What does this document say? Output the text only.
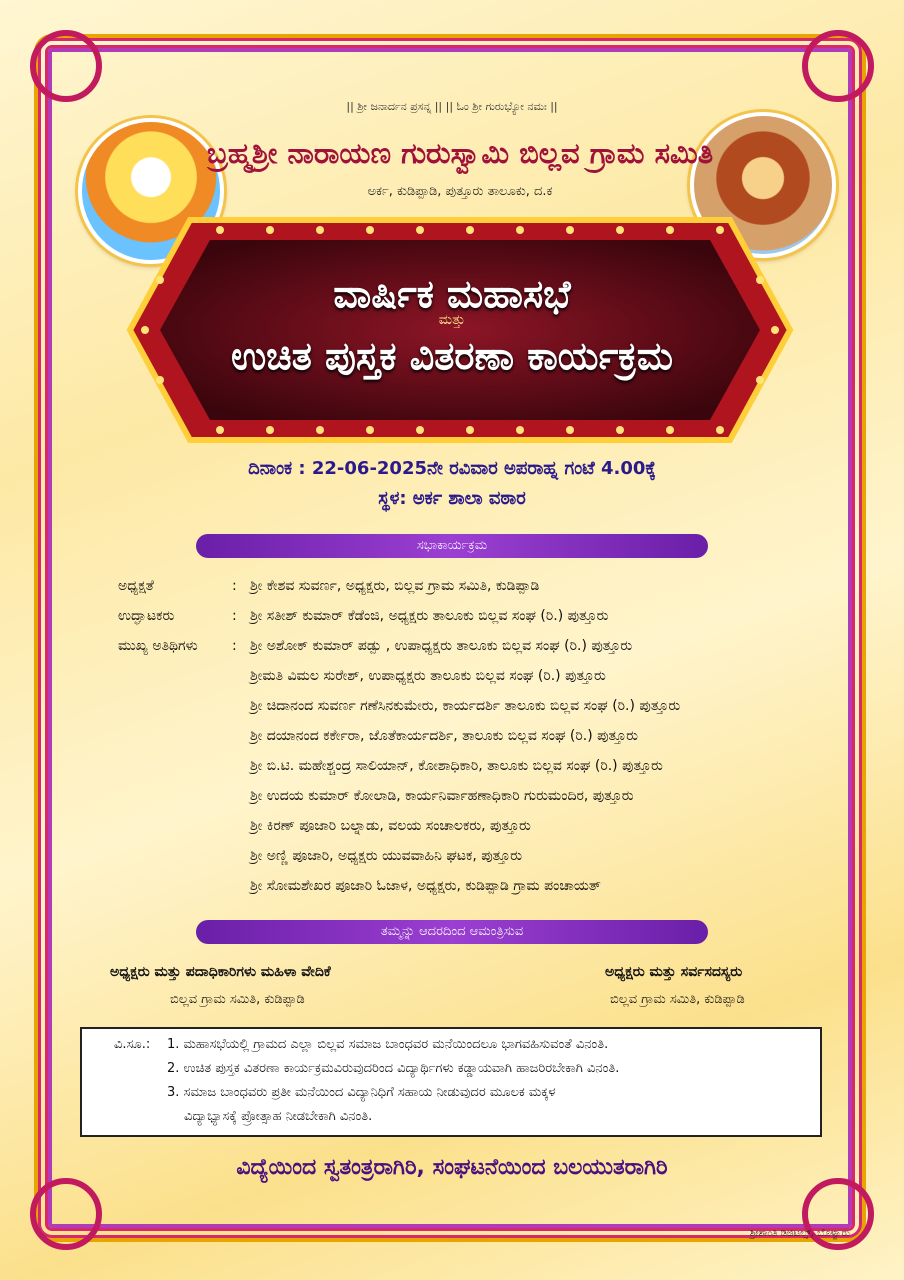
|| ಶ್ರೀ ಜನಾರ್ದನ ಪ್ರಸನ್ನ || || ಓಂ ಶ್ರೀ ಗುರುಭ್ಯೋ ನಮಃ ||
ಬ್ರಹ್ಮಶ್ರೀ ನಾರಾಯಣ ಗುರುಸ್ವಾಮಿ ಬಿಲ್ಲವ ಗ್ರಾಮ ಸಮಿತಿ
ಅರ್ಕ, ಕುಡಿಪ್ಪಾಡಿ, ಪುತ್ತೂರು ತಾಲೂಕು, ದ.ಕ
ವಾರ್ಷಿಕ ಮಹಾಸಭೆ
ಮತ್ತು
ಉಚಿತ ಪುಸ್ತಕ ವಿತರಣಾ ಕಾರ್ಯಕ್ರಮ
ದಿನಾಂಕ : 22-06-2025ನೇ ರವಿವಾರ ಅಪರಾಹ್ನ ಗಂಟೆ 4.00ಕ್ಕೆ
ಸ್ಥಳ: ಅರ್ಕ ಶಾಲಾ ವಠಾರ
ಸಭಾಕಾರ್ಯಕ್ರಮ
ಅಧ್ಯಕ್ಷತೆ	: ಶ್ರೀ ಕೇಶವ ಸುವರ್ಣ, ಅಧ್ಯಕ್ಷರು, ಬಿಲ್ಲವ ಗ್ರಾಮ ಸಮಿತಿ, ಕುಡಿಪ್ಪಾಡಿ
ಉದ್ಘಾಟಕರು	: ಶ್ರೀ ಸತೀಶ್ ಕುಮಾರ್ ಕೆಡೆಂಜಿ, ಅಧ್ಯಕ್ಷರು ತಾಲೂಕು ಬಿಲ್ಲವ ಸಂಘ (ರಿ.) ಪುತ್ತೂರು
ಮುಖ್ಯ ಅತಿಥಿಗಳು : ಶ್ರೀ ಅಶೋಕ್ ಕುಮಾರ್ ಪಡ್ಪು , ಉಪಾಧ್ಯಕ್ಷರು ತಾಲೂಕು ಬಿಲ್ಲವ ಸಂಘ (ರಿ.) ಪುತ್ತೂರು
ಶ್ರೀಮತಿ ವಿಮಲ ಸುರೇಶ್, ಉಪಾಧ್ಯಕ್ಷರು ತಾಲೂಕು ಬಿಲ್ಲವ ಸಂಘ (ರಿ.) ಪುತ್ತೂರು
ಶ್ರೀ ಚಿದಾನಂದ ಸುವರ್ಣ ಗಣೆಸಿನಕುಮೇರು, ಕಾರ್ಯದರ್ಶಿ ತಾಲೂಕು ಬಿಲ್ಲವ ಸಂಘ (ರಿ.) ಪುತ್ತೂರು
ಶ್ರೀ ದಯಾನಂದ ಕರ್ಕೇರಾ, ಜೊತೆಕಾರ್ಯದರ್ಶಿ, ತಾಲೂಕು ಬಿಲ್ಲವ ಸಂಘ (ರಿ.) ಪುತ್ತೂರು
ಶ್ರೀ ಬಿ.ಟಿ. ಮಹೇಶ್ಚಂದ್ರ ಸಾಲಿಯಾನ್, ಕೋಶಾಧಿಕಾರಿ, ತಾಲೂಕು ಬಿಲ್ಲವ ಸಂಘ (ರಿ.) ಪುತ್ತೂರು
ಶ್ರೀ ಉದಯ ಕುಮಾರ್ ಕೋಲಾಡಿ, ಕಾರ್ಯನಿರ್ವಾಹಣಾಧಿಕಾರಿ ಗುರುಮಂದಿರ, ಪುತ್ತೂರು
ಶ್ರೀ ಕಿರಣ್ ಪೂಜಾರಿ ಬಲ್ನಾಡು, ವಲಯ ಸಂಚಾಲಕರು, ಪುತ್ತೂರು
ಶ್ರೀ ಅಣ್ಣಿ ಪೂಜಾರಿ, ಅಧ್ಯಕ್ಷರು ಯುವವಾಹಿನಿ ಘಟಕ, ಪುತ್ತೂರು
ಶ್ರೀ ಸೋಮಶೇಖರ ಪೂಜಾರಿ ಓಜಾಳ, ಅಧ್ಯಕ್ಷರು, ಕುಡಿಪ್ಪಾಡಿ ಗ್ರಾಮ ಪಂಚಾಯತ್
ತಮ್ಮನ್ನು ಆದರದಿಂದ ಆಮಂತ್ರಿಸುವ
ಅಧ್ಯಕ್ಷರು ಮತ್ತು ಪದಾಧಿಕಾರಿಗಳು ಮಹಿಳಾ ವೇದಿಕೆ
ಬಿಲ್ಲವ ಗ್ರಾಮ ಸಮಿತಿ, ಕುಡಿಪ್ಪಾಡಿ
ಅಧ್ಯಕ್ಷರು ಮತ್ತು ಸರ್ವಸದಸ್ಯರು
ಬಿಲ್ಲವ ಗ್ರಾಮ ಸಮಿತಿ, ಕುಡಿಪ್ಪಾಡಿ
ವಿ.ಸೂ.: 1. ಮಹಾಸಭೆಯಲ್ಲಿ ಗ್ರಾಮದ ಎಲ್ಲಾ ಬಿಲ್ಲವ ಸಮಾಜ ಬಾಂಧವರ ಮನೆಯಿಂದಲೂ ಭಾಗವಹಿಸುವಂತೆ ವಿನಂತಿ.
2. ಉಚಿತ ಪುಸ್ತಕ ವಿತರಣಾ ಕಾರ್ಯಕ್ರಮವಿರುವುದರಿಂದ ವಿದ್ಯಾರ್ಥಿಗಳು ಕಡ್ಡಾಯವಾಗಿ ಹಾಜರಿರಬೇಕಾಗಿ ವಿನಂತಿ.
3. ಸಮಾಜ ಬಾಂಧವರು ಪ್ರತೀ ಮನೆಯಿಂದ ವಿದ್ಯಾನಿಧಿಗೆ ಸಹಾಯ ನೀಡುವುದರ ಮೂಲಕ ಮಕ್ಕಳ
ವಿದ್ಯಾಭ್ಯಾಸಕ್ಕೆ ಪ್ರೋತ್ಸಾಹ ನೀಡಬೇಕಾಗಿ ವಿನಂತಿ.
ವಿದ್ಯೆಯಿಂದ ಸ್ವತಂತ್ರರಾಗಿರಿ, ಸಂಘಟನೆಯಿಂದ ಬಲಯುತರಾಗಿರಿ
ಶ್ರೀಶಾಂತಿ ಡಿಜಿಟಲ್ಸ್, ಬೊಳ್ವಾರು
